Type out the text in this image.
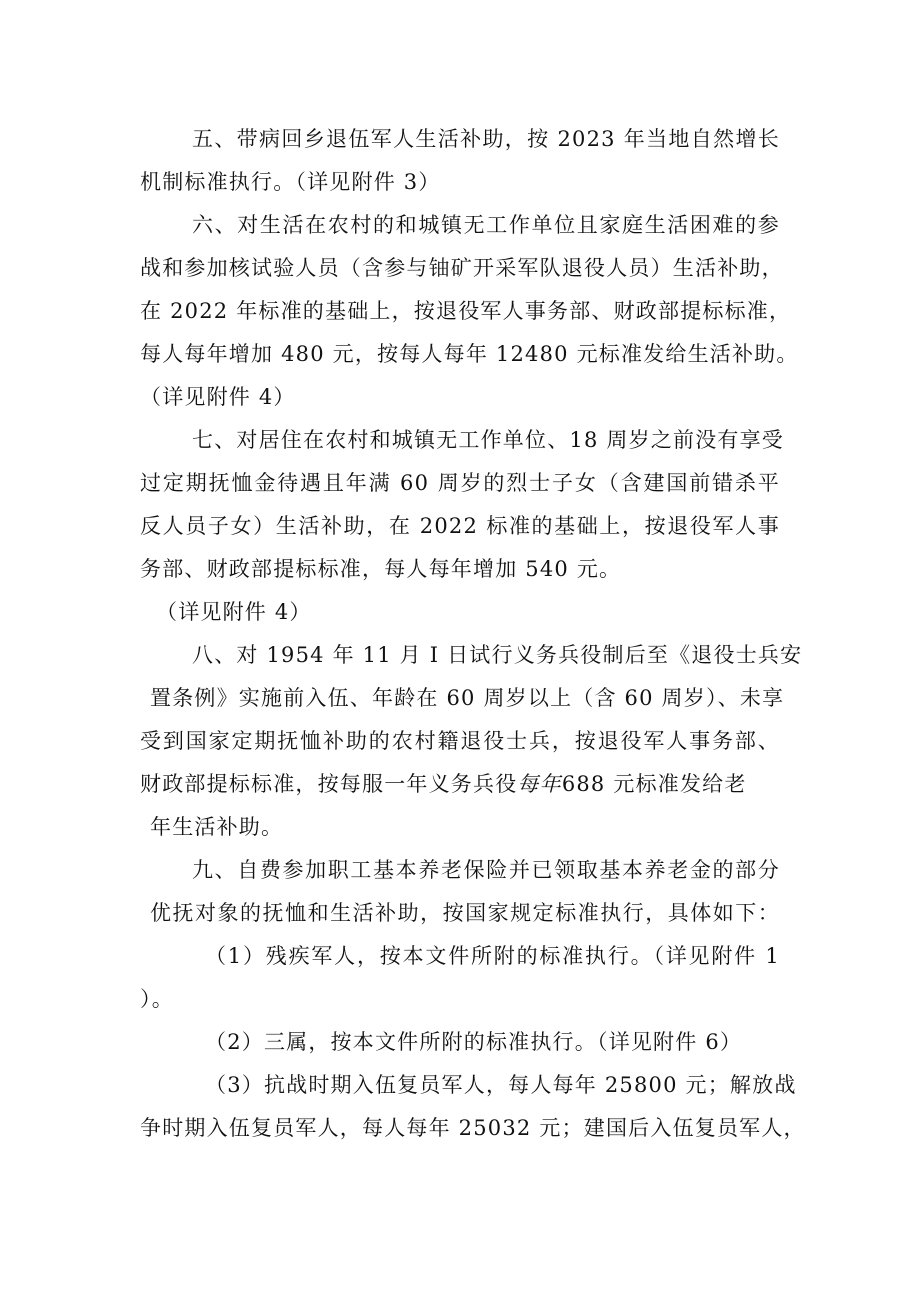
五、带病回乡退伍军人生活补助，按 2023 年当地自然增长
机制标准执行。（详见附件 3）
六、对生活在农村的和城镇无工作单位且家庭生活困难的参
战和参加核试验人员（含参与铀矿开采军队退役人员）生活补助，
在 2022 年标准的基础上，按退役军人事务部、财政部提标标准，
每人每年增加 480 元，按每人每年 12480 元标准发给生活补助。
（详见附件 4）
七、对居住在农村和城镇无工作单位、18 周岁之前没有享受
过定期抚恤金待遇且年满 60 周岁的烈士子女（含建国前错杀平
反人员子女）生活补助，在 2022 标准的基础上，按退役军人事
务部、财政部提标标准，每人每年增加 540 元。
（详见附件 4）
八、对 1954 年 11 月 I 日试行义务兵役制后至《退役士兵安
置条例》实施前入伍、年龄在 60 周岁以上（含 60 周岁）、未享
受到国家定期抚恤补助的农村籍退役士兵，按退役军人事务部、
财政部提标标准，按每服一年义务兵役每年688 元标准发给老
年生活补助。
九、自费参加职工基本养老保险并已领取基本养老金的部分
优抚对象的抚恤和生活补助，按国家规定标准执行，具体如下：
（1）残疾军人，按本文件所附的标准执行。（详见附件 1
）。
（2）三属，按本文件所附的标准执行。（详见附件 6）
（3）抗战时期入伍复员军人，每人每年 25800 元；解放战
争时期入伍复员军人，每人每年 25032 元；建国后入伍复员军人，
